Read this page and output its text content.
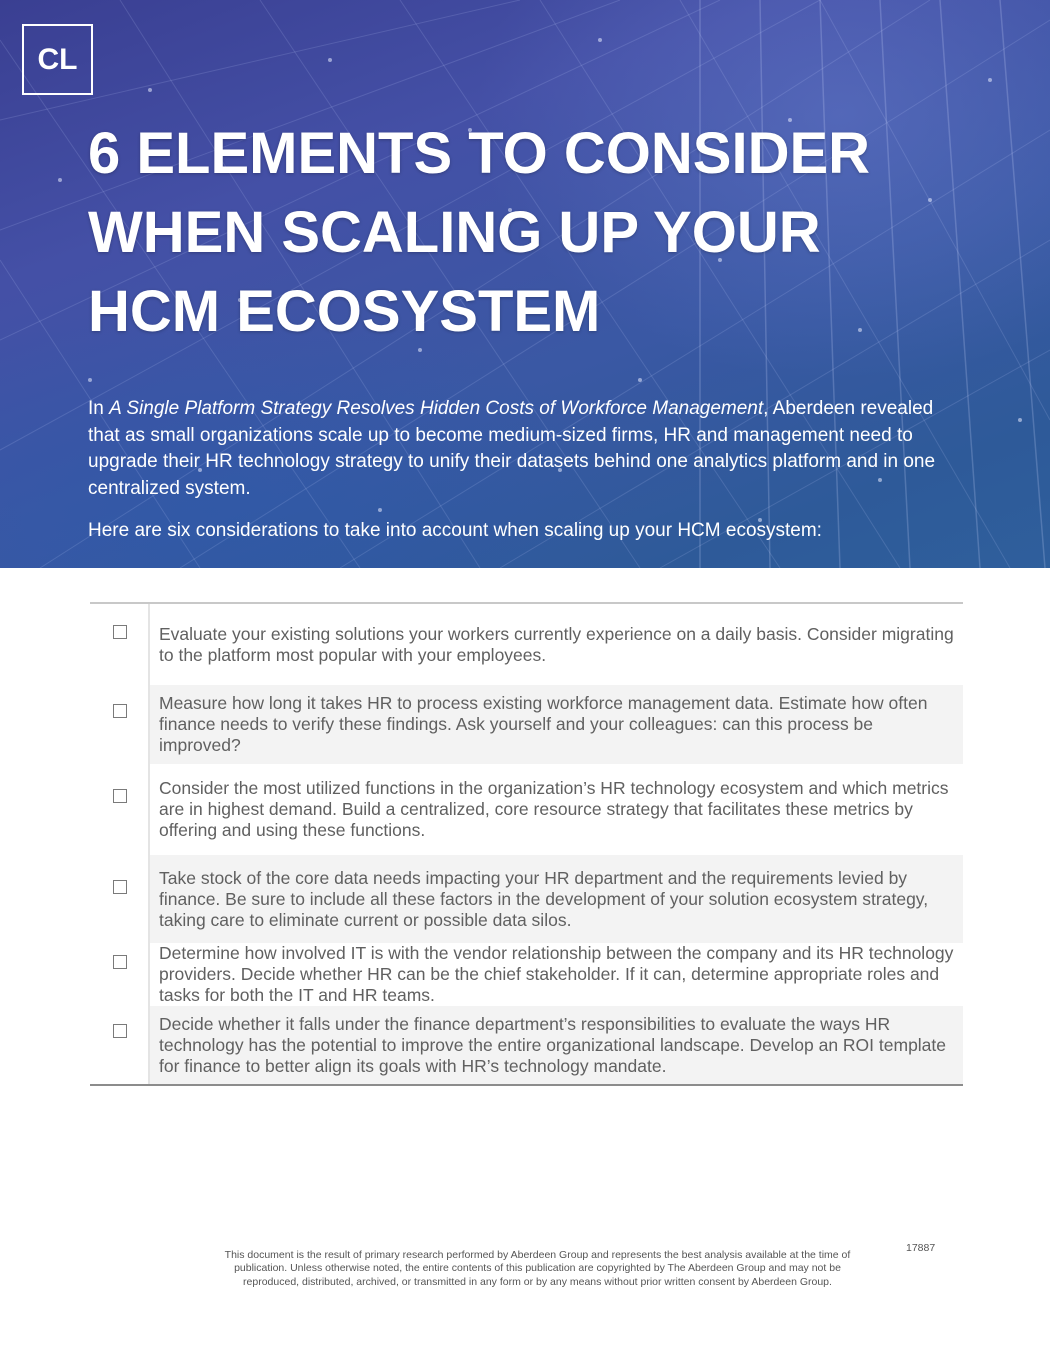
CL
6 ELEMENTS TO CONSIDER
WHEN SCALING UP YOUR
HCM ECOSYSTEM

In A Single Platform Strategy Resolves Hidden Costs of Workforce Management, Aberdeen revealed that as small organizations scale up to become medium-sized firms, HR and management need to upgrade their HR technology strategy to unify their datasets behind one analytics platform and in one centralized system.

Here are six considerations to take into account when scaling up your HCM ecosystem:

Evaluate your existing solutions your workers currently experience on a daily basis. Consider migrating to the platform most popular with your employees.
Measure how long it takes HR to process existing workforce management data. Estimate how often finance needs to verify these findings. Ask yourself and your colleagues: can this process be improved?
Consider the most utilized functions in the organization’s HR technology ecosystem and which metrics are in highest demand. Build a centralized, core resource strategy that facilitates these metrics by offering and using these functions.
Take stock of the core data needs impacting your HR department and the requirements levied by finance. Be sure to include all these factors in the development of your solution ecosystem strategy, taking care to eliminate current or possible data silos.
Determine how involved IT is with the vendor relationship between the company and its HR technology providers. Decide whether HR can be the chief stakeholder. If it can, determine appropriate roles and tasks for both the IT and HR teams.
Decide whether it falls under the finance department’s responsibilities to evaluate the ways HR technology has the potential to improve the entire organizational landscape. Develop an ROI template for finance to better align its goals with HR’s technology mandate.
17887

This document is the result of primary research performed by Aberdeen Group and represents the best analysis available at the time of publication. Unless otherwise noted, the entire contents of this publication are copyrighted by The Aberdeen Group and may not be reproduced, distributed, archived, or transmitted in any form or by any means without prior written consent by Aberdeen Group.
